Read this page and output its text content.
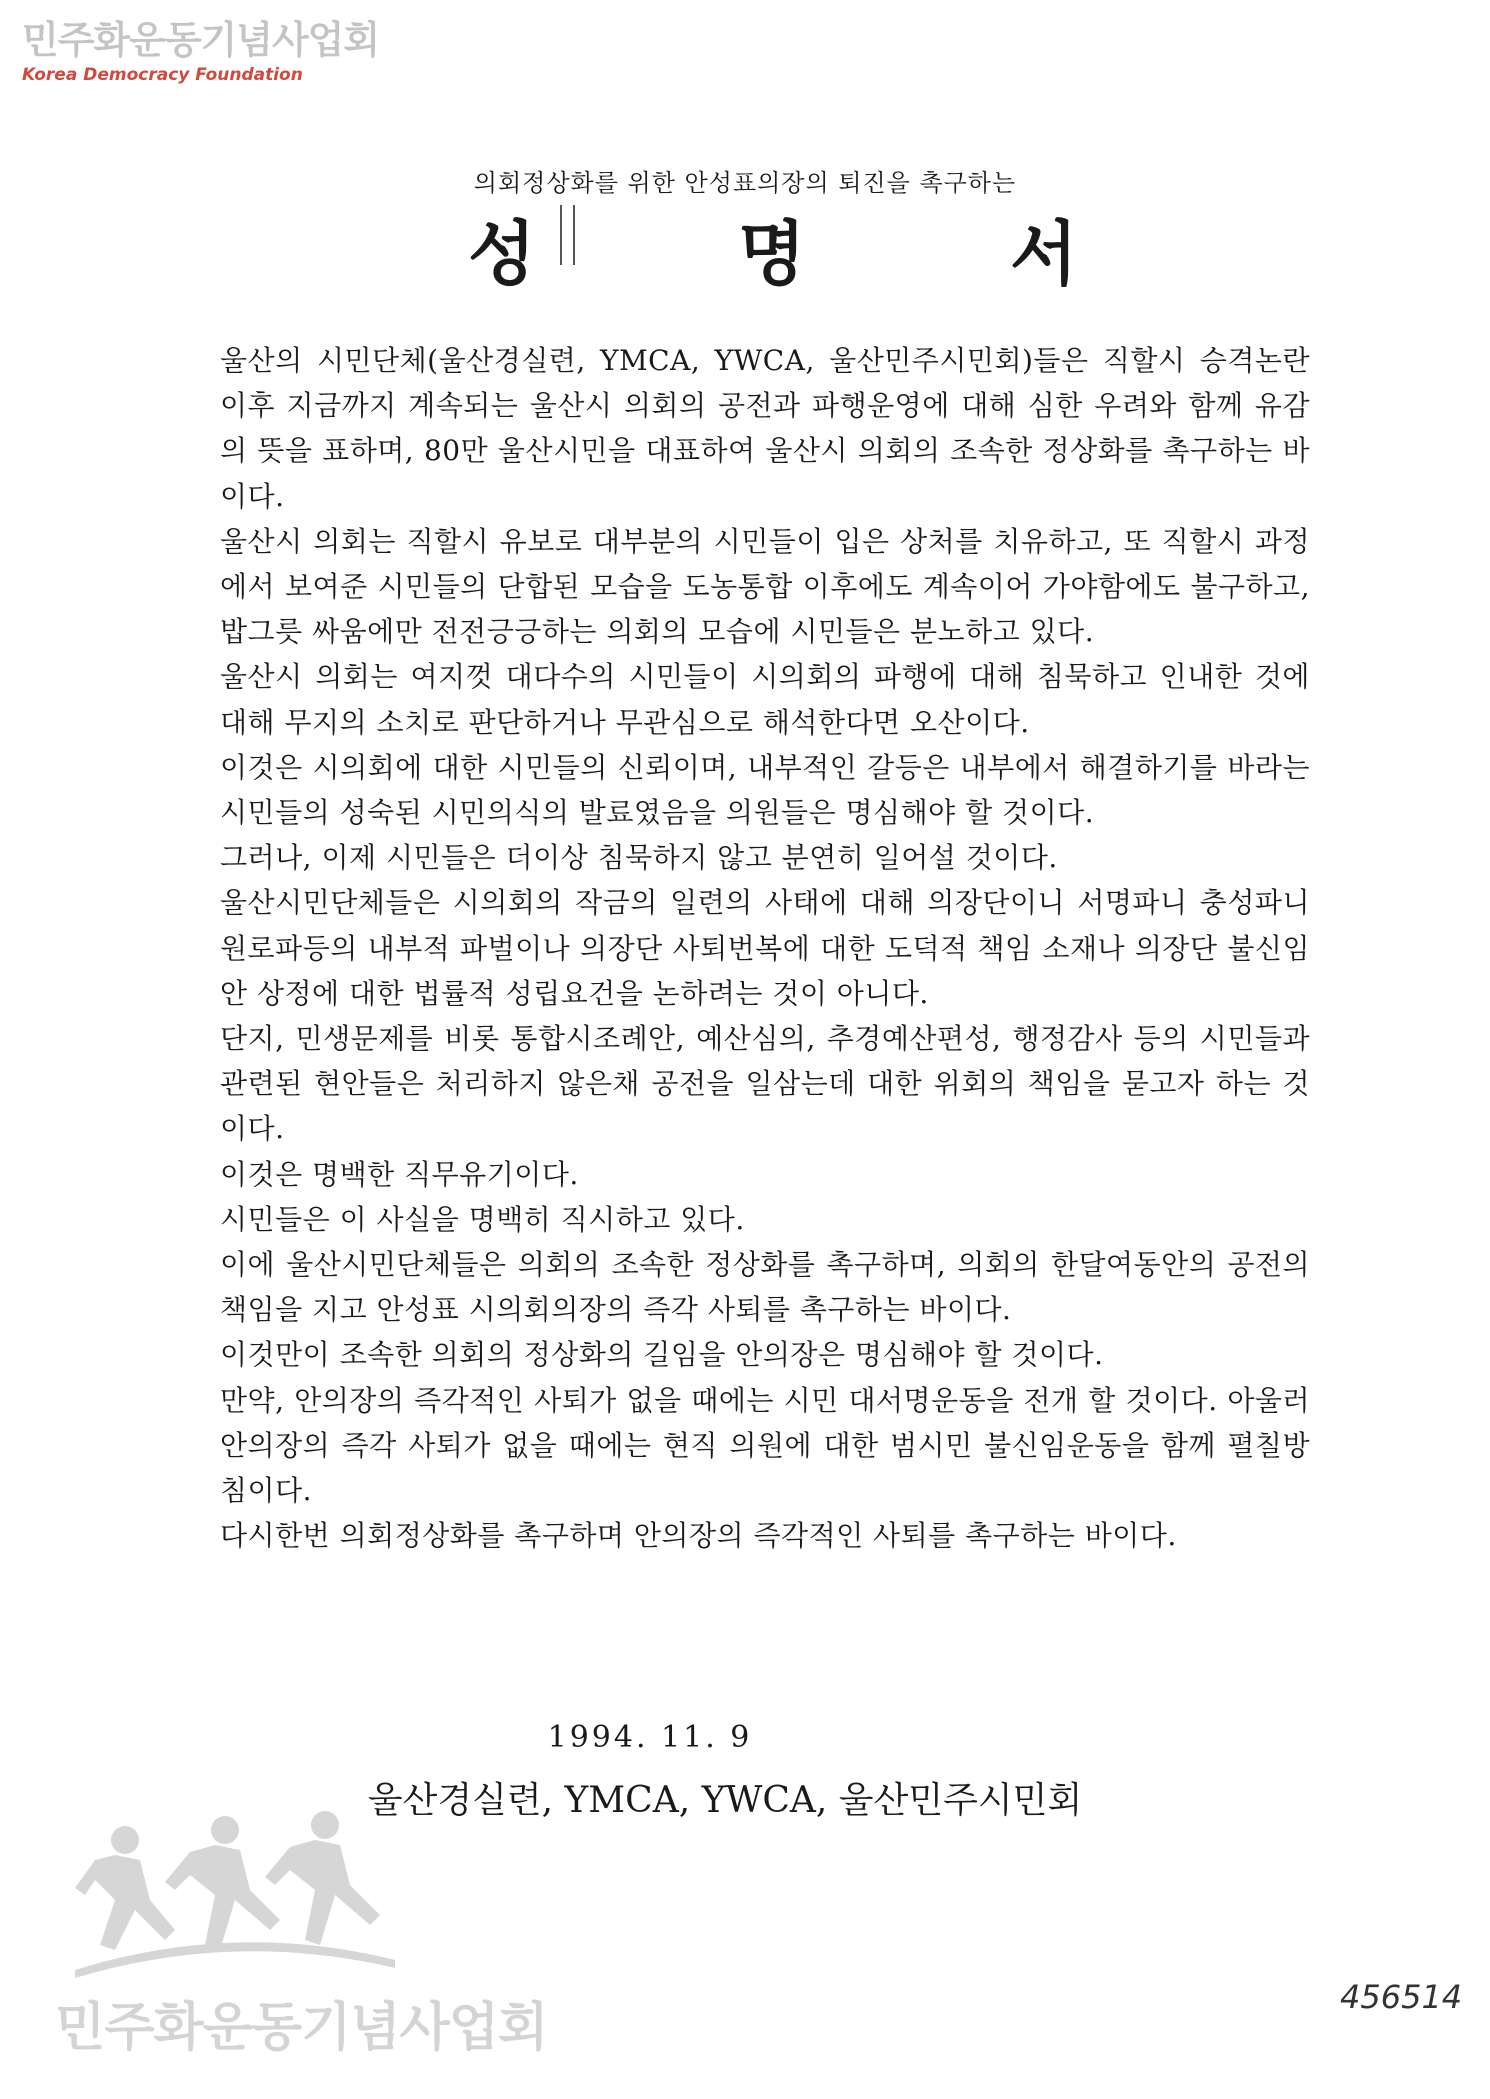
민주화운동기념사업회
Korea Democracy Foundation
의회정상화를 위한 안성표의장의 퇴진을 촉구하는
성	명	서

울산의 시민단체(울산경실련, YMCA, YWCA, 울산민주시민회)들은 직할시 승격논란 이후 지금까지 계속되는 울산시 의회의 공전과 파행운영에 대해 심한 우려와 함께 유감의 뜻을 표하며, 80만 울산시민을 대표하여 울산시 의회의 조속한 정상화를 촉구하는 바이다.

울산시 의회는 직할시 유보로 대부분의 시민들이 입은 상처를 치유하고, 또 직할시 과정에서 보여준 시민들의 단합된 모습을 도농통합 이후에도 계속이어 가야함에도 불구하고, 밥그릇 싸움에만 전전긍긍하는 의회의 모습에 시민들은 분노하고 있다.

울산시 의회는 여지껏 대다수의 시민들이 시의회의 파행에 대해 침묵하고 인내한 것에 대해 무지의 소치로 판단하거나 무관심으로 해석한다면 오산이다.

이것은 시의회에 대한 시민들의 신뢰이며, 내부적인 갈등은 내부에서 해결하기를 바라는 시민들의 성숙된 시민의식의 발료였음을 의원들은 명심해야 할 것이다.

그러나, 이제 시민들은 더이상 침묵하지 않고 분연히 일어설 것이다.

울산시민단체들은 시의회의 작금의 일련의 사태에 대해 의장단이니 서명파니 충성파니 원로파등의 내부적 파벌이나 의장단 사퇴번복에 대한 도덕적 책임 소재나 의장단 불신임안 상정에 대한 법률적 성립요건을 논하려는 것이 아니다.

단지, 민생문제를 비롯 통합시조례안, 예산심의, 추경예산편성, 행정감사 등의 시민들과 관련된 현안들은 처리하지 않은채 공전을 일삼는데 대한 위회의 책임을 묻고자 하는 것이다.

이것은 명백한 직무유기이다.

시민들은 이 사실을 명백히 직시하고 있다.

이에 울산시민단체들은 의회의 조속한 정상화를 촉구하며, 의회의 한달여동안의 공전의 책임을 지고 안성표 시의회의장의 즉각 사퇴를 촉구하는 바이다.

이것만이 조속한 의회의 정상화의 길임을 안의장은 명심해야 할 것이다.

만약, 안의장의 즉각적인 사퇴가 없을 때에는 시민 대서명운동을 전개 할 것이다. 아울러 안의장의 즉각 사퇴가 없을 때에는 현직 의원에 대한 범시민 불신임운동을 함께 펼칠방침이다.

다시한번 의회정상화를 촉구하며 안의장의 즉각적인 사퇴를 촉구하는 바이다.

1994. 11. 9
울산경실련, YMCA, YWCA, 울산민주시민회
민주화운동기념사업회
456514
